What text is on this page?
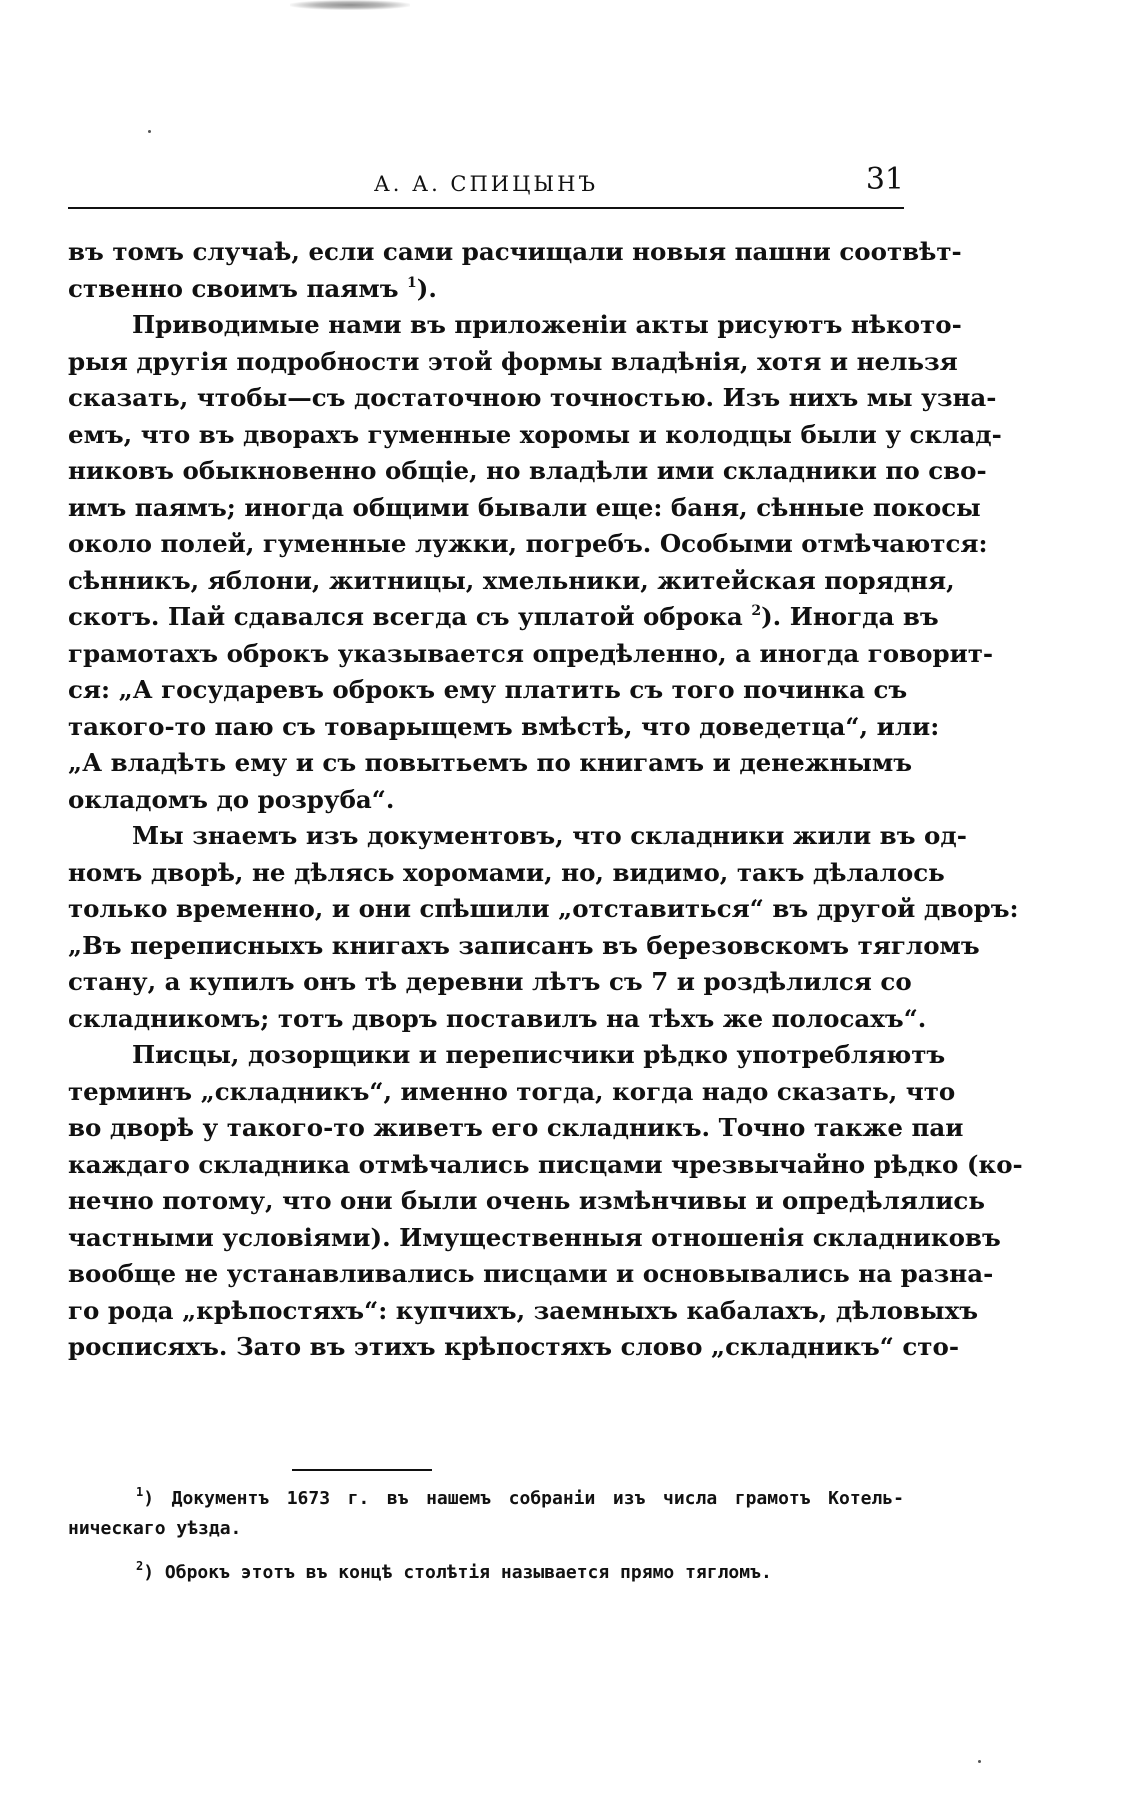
А. А. СПИЦЫНЪ	31
въ томъ случаѣ, если сами расчищали новыя пашни соотвѣт-
ственно своимъ паямъ $^1$).
Приводимые нами въ приложеніи акты рисуютъ нѣкото-
рыя другія подробности этой формы владѣнія, хотя и нельзя
сказать, чтобы—съ достаточною точностью. Изъ нихъ мы узна-
емъ, что въ дворахъ гуменные хоромы и колодцы были у склад-
никовъ обыкновенно общіе, но владѣли ими складники по сво-
имъ паямъ; иногда общими бывали еще: баня, сѣнные покосы
около полей, гуменные лужки, погребъ. Особыми отмѣчаются:
сѣнникъ, яблони, житницы, хмельники, житейская порядня,
скотъ. Пай сдавался всегда съ уплатой оброка $^2$). Иногда въ
грамотахъ оброкъ указывается опредѣленно, а иногда говорит-
ся: „А государевъ оброкъ ему платить съ того починка съ
такого-то паю съ товарыщемъ вмѣстѣ, что доведетца“, или:
„А владѣть ему и съ повытьемъ по книгамъ и денежнымъ
окладомъ до розруба“.
Мы знаемъ изъ документовъ, что складники жили въ од-
номъ дворѣ, не дѣлясь хоромами, но, видимо, такъ дѣлалось
только временно, и они спѣшили „отставиться“ въ другой дворъ:
„Въ переписныхъ книгахъ записанъ въ березовскомъ тягломъ
стану, а купилъ онъ тѣ деревни лѣтъ съ 7 и роздѣлился со
складникомъ; тотъ дворъ поставилъ на тѣхъ же полосахъ“.
Писцы, дозорщики и переписчики рѣдко употребляютъ
терминъ „складникъ“, именно тогда, когда надо сказать, что
во дворѣ у такого-то живетъ его складникъ. Точно также паи
каждаго складника отмѣчались писцами чрезвычайно рѣдко (ко-
нечно потому, что они были очень измѣнчивы и опредѣлялись
частными условіями). Имущественныя отношенія складниковъ
вообще не устанавливались писцами и основывались на разна-
го рода „крѣпостяхъ“: купчихъ, заемныхъ кабалахъ, дѣловыхъ
росписяхъ. Зато въ этихъ крѣпостяхъ слово „складникъ“ сто-
$^1$) Документъ 1673 г. въ нашемъ собраніи изъ числа грамотъ Котель-
ническаго уѣзда.
$^2$) Оброкъ этотъ въ концѣ столѣтія называется прямо тягломъ.
